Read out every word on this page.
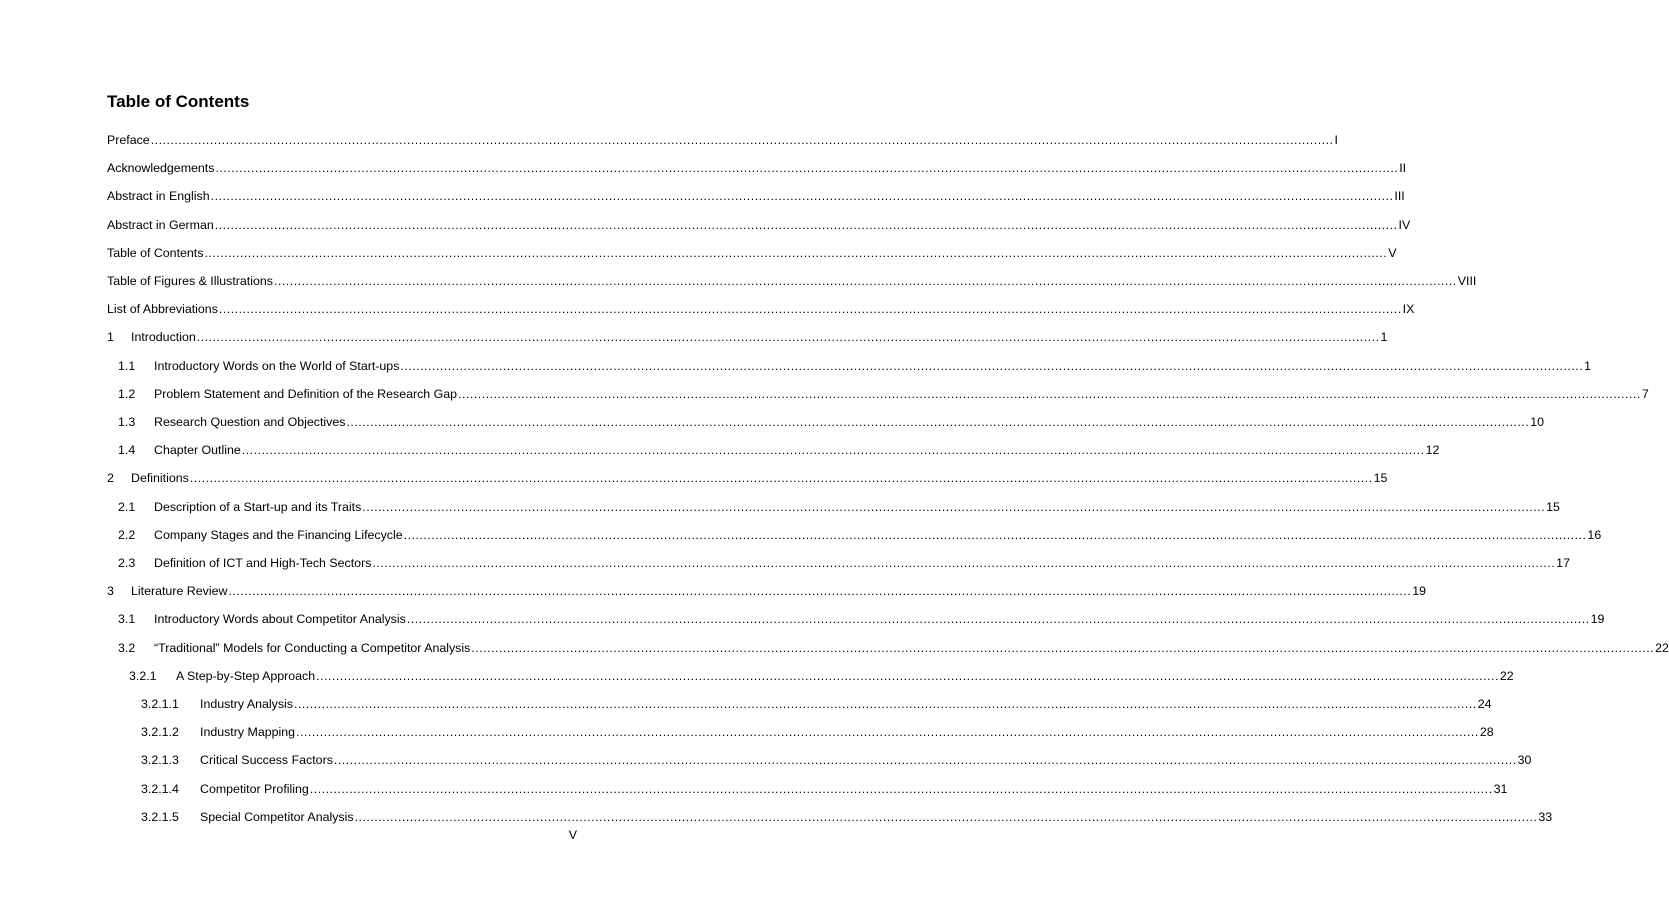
Table of Contents
Preface ............................................................................................................................................................................................................................................................................................................ I
Acknowledgements ............................................................................................................................................................................................................................................................................................................ II
Abstract in English ............................................................................................................................................................................................................................................................................................................ III
Abstract in German ............................................................................................................................................................................................................................................................................................................ IV
Table of Contents ............................................................................................................................................................................................................................................................................................................ V
Table of Figures & Illustrations ............................................................................................................................................................................................................................................................................................................ VIII
List of Abbreviations ............................................................................................................................................................................................................................................................................................................ IX
1	Introduction ............................................................................................................................................................................................................................................................................................................ 1
1.1	Introductory Words on the World of Start-ups ............................................................................................................................................................................................................................................................................................................ 1
1.2	Problem Statement and Definition of the Research Gap ............................................................................................................................................................................................................................................................................................................ 7
1.3	Research Question and Objectives ............................................................................................................................................................................................................................................................................................................ 10
1.4	Chapter Outline ............................................................................................................................................................................................................................................................................................................ 12
2	Definitions ............................................................................................................................................................................................................................................................................................................ 15
2.1	Description of a Start-up and its Traits ............................................................................................................................................................................................................................................................................................................ 15
2.2	Company Stages and the Financing Lifecycle ............................................................................................................................................................................................................................................................................................................ 16
2.3	Definition of ICT and High-Tech Sectors ............................................................................................................................................................................................................................................................................................................ 17
3	Literature Review ............................................................................................................................................................................................................................................................................................................ 19
3.1	Introductory Words about Competitor Analysis ............................................................................................................................................................................................................................................................................................................ 19
3.2	“Traditional” Models for Conducting a Competitor Analysis ............................................................................................................................................................................................................................................................................................................ 22
3.2.1	A Step-by-Step Approach ............................................................................................................................................................................................................................................................................................................ 22
3.2.1.1	Industry Analysis ............................................................................................................................................................................................................................................................................................................ 24
3.2.1.2	Industry Mapping ............................................................................................................................................................................................................................................................................................................ 28
3.2.1.3	Critical Success Factors ............................................................................................................................................................................................................................................................................................................ 30
3.2.1.4	Competitor Profiling ............................................................................................................................................................................................................................................................................................................ 31
3.2.1.5	Special Competitor Analysis ............................................................................................................................................................................................................................................................................................................ 33
V
